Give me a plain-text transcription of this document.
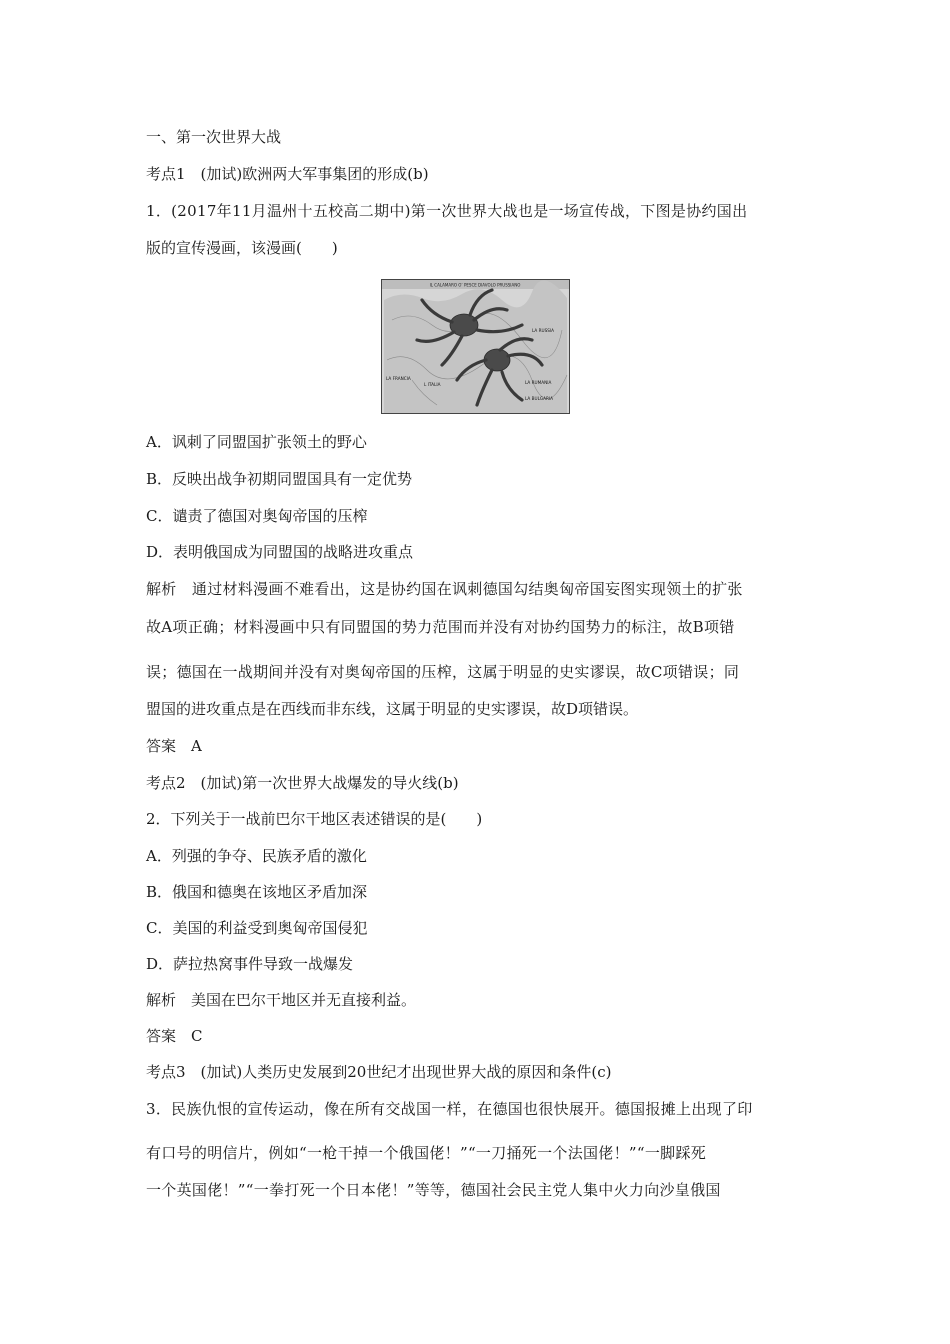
一、第一次世界大战
考点1　(加试)欧洲两大军事集团的形成(b)
1．(2017年11月温州十五校高二期中)第一次世界大战也是一场宣传战，下图是协约国出
版的宣传漫画，该漫画(　　)
IL CALAMARO O’ PESCE DIAVOLO PRUSSIANO
LA RUSSIA
LA FRANCIA
L ITALIA	LA RUMANIA
LA BULGARIA
A．讽刺了同盟国扩张领土的野心
B．反映出战争初期同盟国具有一定优势
C．谴责了德国对奥匈帝国的压榨
D．表明俄国成为同盟国的战略进攻重点
解析　通过材料漫画不难看出，这是协约国在讽刺德国勾结奥匈帝国妄图实现领土的扩张
故A项正确；材料漫画中只有同盟国的势力范围而并没有对协约国势力的标注，故B项错
误；德国在一战期间并没有对奥匈帝国的压榨，这属于明显的史实谬误，故C项错误；同
盟国的进攻重点是在西线而非东线，这属于明显的史实谬误，故D项错误。
答案　A
考点2　(加试)第一次世界大战爆发的导火线(b)
2．下列关于一战前巴尔干地区表述错误的是(　　)
A．列强的争夺、民族矛盾的激化
B．俄国和德奥在该地区矛盾加深
C．美国的利益受到奥匈帝国侵犯
D．萨拉热窝事件导致一战爆发
解析　美国在巴尔干地区并无直接利益。
答案　C
考点3　(加试)人类历史发展到20世纪才出现世界大战的原因和条件(c)
3．民族仇恨的宣传运动，像在所有交战国一样，在德国也很快展开。德国报摊上出现了印
有口号的明信片，例如“一枪干掉一个俄国佬！”“一刀捅死一个法国佬！”“一脚踩死
一个英国佬！”“一拳打死一个日本佬！”等等，德国社会民主党人集中火力向沙皇俄国
